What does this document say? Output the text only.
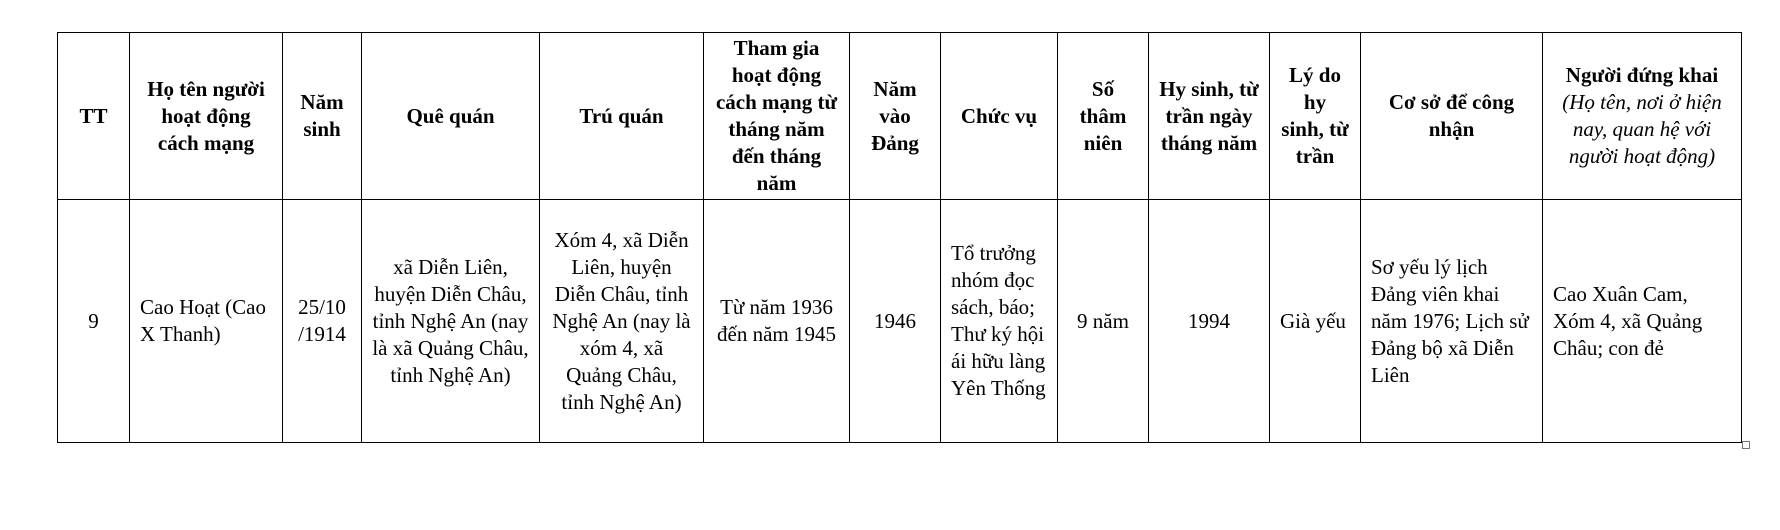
TT	Họ tên người hoạt động cách mạng	Năm sinh	Quê quán	Trú quán	Tham gia hoạt động cách mạng từ tháng năm đến tháng năm	Năm vào Đảng	Chức vụ	Số thâm niên	Hy sinh, từ trần ngày tháng năm	Lý do hy sinh, từ trần	Cơ sở để công nhận	Người đứng khai
(Họ tên, nơi ở hiện nay, quan hệ với người hoạt động)

9	Cao Hoạt (Cao X Thanh)	25/10 /1914	xã Diễn Liên, huyện Diễn Châu, tỉnh Nghệ An (nay là xã Quảng Châu, tỉnh Nghệ An)	Xóm 4, xã Diễn Liên, huyện Diễn Châu, tỉnh Nghệ An (nay là xóm 4, xã Quảng Châu, tỉnh Nghệ An)	Từ năm 1936 đến năm 1945	1946	Tổ trưởng nhóm đọc sách, báo; Thư ký hội ái hữu làng Yên Thống	9 năm	1994	Già yếu	Sơ yếu lý lịch Đảng viên khai năm 1976; Lịch sử Đảng bộ xã Diễn Liên	Cao Xuân Cam, Xóm 4, xã Quảng Châu; con đẻ
